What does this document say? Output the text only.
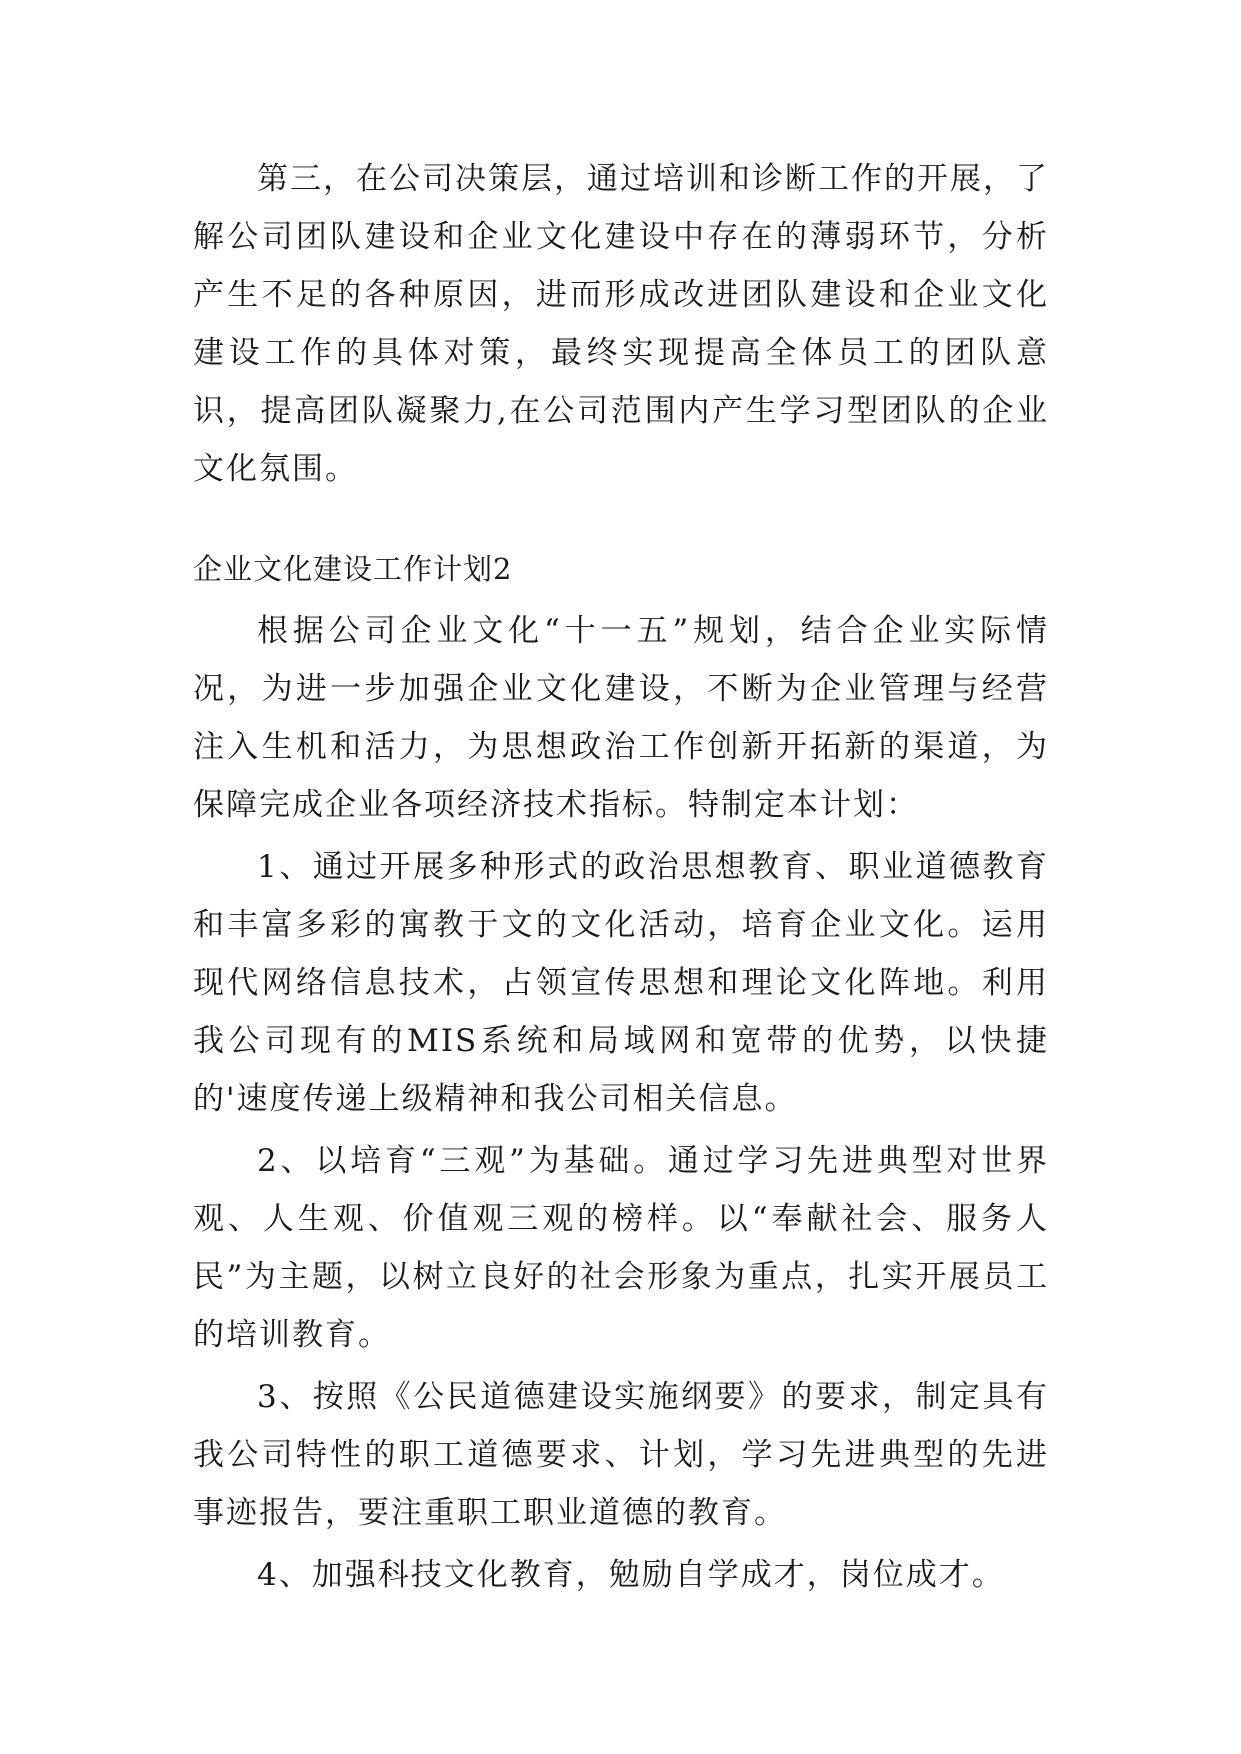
第三，在公司决策层，通过培训和诊断工作的开展，了解公司团队建设和企业文化建设中存在的薄弱环节，分析产生不足的各种原因，进而形成改进团队建设和企业文化建设工作的具体对策，最终实现提高全体员工的团队意识，提高团队凝聚力,在公司范围内产生学习型团队的企业文化氛围。

企业文化建设工作计划2

根据公司企业文化“十一五”规划，结合企业实际情况，为进一步加强企业文化建设，不断为企业管理与经营注入生机和活力，为思想政治工作创新开拓新的渠道，为保障完成企业各项经济技术指标。特制定本计划：

1、通过开展多种形式的政治思想教育、职业道德教育和丰富多彩的寓教于文的文化活动，培育企业文化。运用现代网络信息技术，占领宣传思想和理论文化阵地。利用我公司现有的MIS系统和局域网和宽带的优势，以快捷的'速度传递上级精神和我公司相关信息。

2、以培育“三观”为基础。通过学习先进典型对世界观、人生观、价值观三观的榜样。以“奉献社会、服务人民”为主题，以树立良好的社会形象为重点，扎实开展员工的培训教育。

3、按照《公民道德建设实施纲要》的要求，制定具有我公司特性的职工道德要求、计划，学习先进典型的先进事迹报告，要注重职工职业道德的教育。

4、加强科技文化教育，勉励自学成才，岗位成才。
